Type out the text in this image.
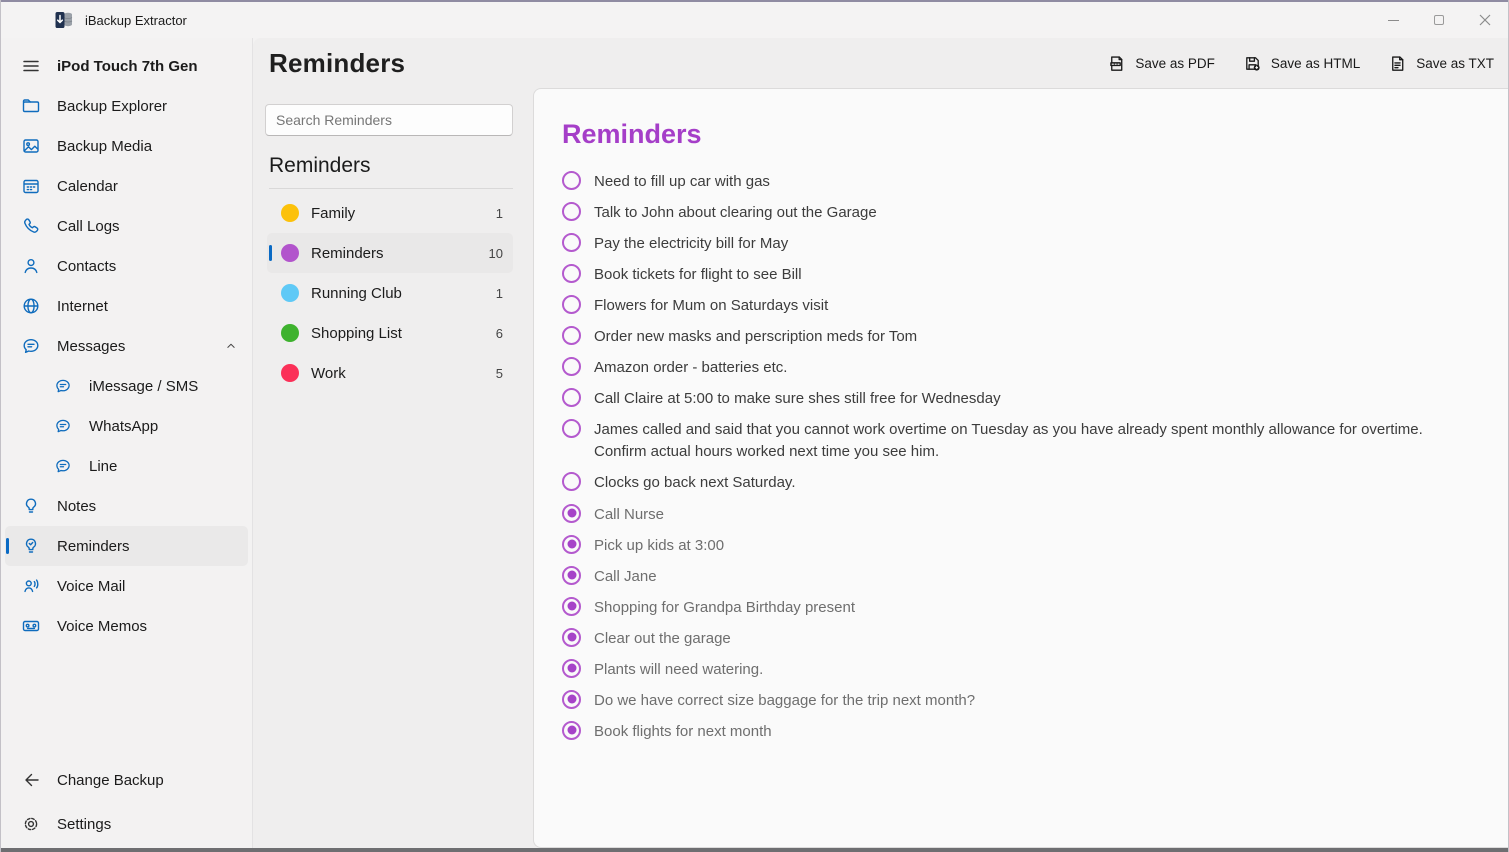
iBackup Extractor
iPod Touch 7th Gen
Backup Explorer
Backup Media
Calendar
Call Logs
Contacts
Internet
Messages
iMessage / SMS
WhatsApp
Line
Notes
Reminders
Voice Mail
Voice Memos
Change Backup
Settings
Reminders	Save as PDF	Save as HTML	Save as TXT
Search Reminders
Reminders
Family	1
Reminders	10
Running Club	1
Shopping List	6
Work	5
Reminders
Need to fill up car with gas
Talk to John about clearing out the Garage
Pay the electricity bill for May
Book tickets for flight to see Bill
Flowers for Mum on Saturdays visit
Order new masks and perscription meds for Tom
Amazon order - batteries etc.
Call Claire at 5:00 to make sure shes still free for Wednesday
James called and said that you cannot work overtime on Tuesday as you have already spent monthly allowance for overtime. Confirm actual hours worked next time you see him.
Clocks go back next Saturday.
Call Nurse
Pick up kids at 3:00
Call Jane
Shopping for Grandpa Birthday present
Clear out the garage
Plants will need watering.
Do we have correct size baggage for the trip next month?
Book flights for next month
